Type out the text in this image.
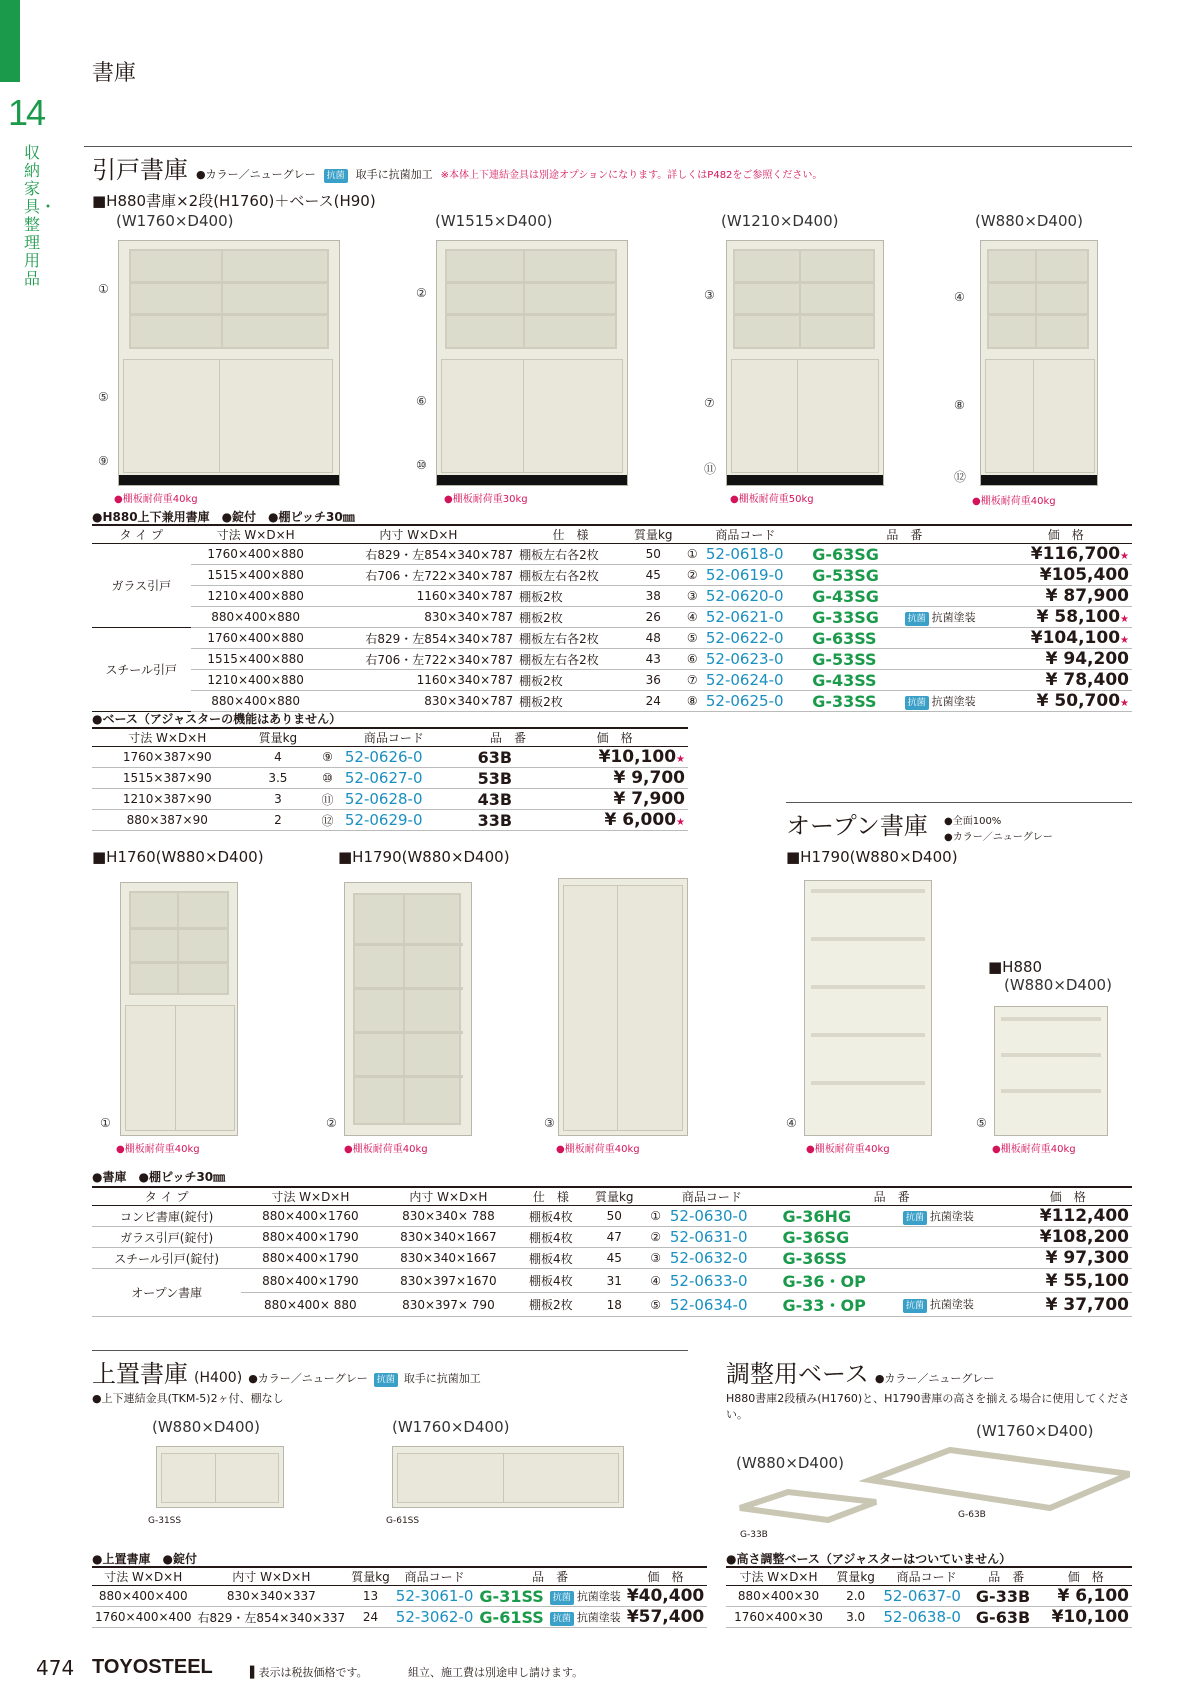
14
収納家具・整理用品
書庫
引戸書庫 ●カラー／ニューグレー	抗菌 取手に抗菌加工 ※本体上下連結金具は別途オプションになります。詳しくはP482をご参照ください。
■H880書庫×2段(H1760)＋ベース(H90)
(W1760×D400)	(W1515×D400)	(W1210×D400)	(W880×D400)
①
⑤
⑨
②
⑥
⑩
③
⑦
⑪
④
⑧
⑫
●棚板耐荷重40kg	●棚板耐荷重30kg	●棚板耐荷重50kg	●棚板耐荷重40kg
●H880上下兼用書庫　●錠付　●棚ピッチ30㎜
タ イ プ	寸法 W×D×H	内寸 W×D×H	仕　様	質量kg	商品コード		品　番		価　格
ガラス引戸	1760×400×880	右829・左854×340×787	棚板左右各2枚	50	①	52-0618-0	G-63SG		¥116,700★
	1515×400×880	右706・左722×340×787	棚板左右各2枚	45	②	52-0619-0	G-53SG		¥105,400
	1210×400×880	1160×340×787	棚板2枚	38	③	52-0620-0	G-43SG		¥ 87,900
	880×400×880	830×340×787	棚板2枚	26	④	52-0621-0	G-33SG	抗菌 抗菌塗装	¥ 58,100★
スチール引戸	1760×400×880	右829・左854×340×787	棚板左右各2枚	48	⑤	52-0622-0	G-63SS		¥104,100★
	1515×400×880	右706・左722×340×787	棚板左右各2枚	43	⑥	52-0623-0	G-53SS		¥ 94,200
	1210×400×880	1160×340×787	棚板2枚	36	⑦	52-0624-0	G-43SS		¥ 78,400
	880×400×880	830×340×787	棚板2枚	24	⑧	52-0625-0	G-33SS	抗菌 抗菌塗装	¥ 50,700★
●ベース（アジャスターの機能はありません）
寸法 W×D×H	質量kg	商品コード		品　番	価　格
1760×387×90	4	⑨	52-0626-0	63B	¥10,100★
1515×387×90	3.5	⑩	52-0627-0	53B	¥ 9,700
1210×387×90	3	⑪	52-0628-0	43B	¥ 7,900
880×387×90	2	⑫	52-0629-0	33B	¥ 6,000★	オープン書庫 ●全面100%
●カラー／ニューグレー
■H1790(W880×D400)
■H1760(W880×D400)	■H1790(W880×D400)
■H880
(W880×D400)
①	②	③	④	⑤
●棚板耐荷重40kg	●棚板耐荷重40kg	●棚板耐荷重40kg	●棚板耐荷重40kg	●棚板耐荷重40kg
●書庫　●棚ピッチ30㎜
タ イ プ	寸法 W×D×H	内寸 W×D×H	仕　様	質量kg	商品コード		品　番		価　格
コンビ書庫(錠付)	880×400×1760	830×340× 788	棚板4枚	50	①	52-0630-0	G-36HG	抗菌 抗菌塗装	¥112,400
ガラス引戸(錠付)	880×400×1790	830×340×1667	棚板4枚	47	②	52-0631-0	G-36SG		¥108,200
スチール引戸(錠付)	880×400×1790	830×340×1667	棚板4枚	45	③	52-0632-0	G-36SS		¥ 97,300
オープン書庫	880×400×1790	830×397×1670	棚板4枚	31	④	52-0633-0	G-36・OP		¥ 55,100
	880×400× 880	830×397× 790	棚板2枚	18	⑤	52-0634-0	G-33・OP	抗菌 抗菌塗装	¥ 37,700
上置書庫 (H400) ●カラー／ニューグレー	抗菌 取手に抗菌加工
●上下連結金具(TKM-5)2ヶ付、棚なし
(W880×D400)	(W1760×D400)
G-31SS	G-61SS
●上置書庫　●錠付
寸法 W×D×H	内寸 W×D×H	質量kg	商品コード	品　番		価　格
880×400×400	830×340×337	13	52-3061-0	G-31SS	抗菌 抗菌塗装	¥40,400
1760×400×400	右829・左854×340×337	24	52-3062-0	G-61SS	抗菌 抗菌塗装	¥57,400
調整用ベース ●カラー／ニューグレー
H880書庫2段積み(H1760)と、H1790書庫の高さを揃える場合に使用してください。
(W880×D400)
(W1760×D400)
G-33B
G-63B
●高さ調整ベース（アジャスターはついていません）
寸法 W×D×H	質量kg	商品コード	品　番	価　格
880×400×30	2.0	52-0637-0	G-33B	¥ 6,100
1760×400×30	3.0	52-0638-0	G-63B	¥10,100
474 TOYOSTEEL	▌表示は税抜価格です。	組立、施工費は別途申し請けます。
